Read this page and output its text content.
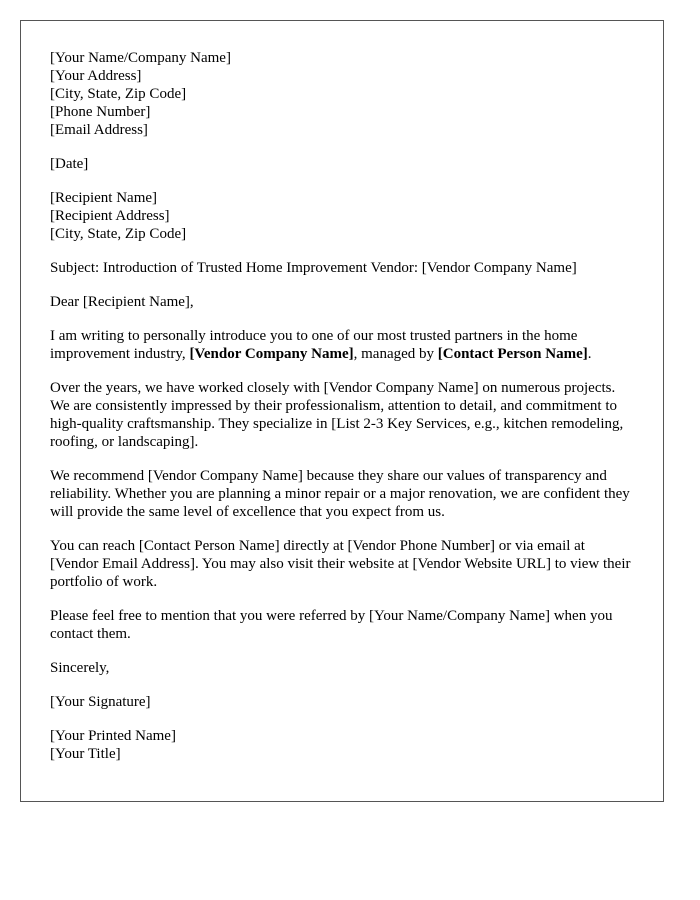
[Your Name/Company Name]
[Your Address]
[City, State, Zip Code]
[Phone Number]
[Email Address]

[Date]

[Recipient Name]
[Recipient Address]
[City, State, Zip Code]

Subject: Introduction of Trusted Home Improvement Vendor: [Vendor Company Name]

Dear [Recipient Name],

I am writing to personally introduce you to one of our most trusted partners in the home improvement industry, [Vendor Company Name], managed by [Contact Person Name].

Over the years, we have worked closely with [Vendor Company Name] on numerous projects. We are consistently impressed by their professionalism, attention to detail, and commitment to high-quality craftsmanship. They specialize in [List 2-3 Key Services, e.g., kitchen remodeling, roofing, or landscaping].

We recommend [Vendor Company Name] because they share our values of transparency and reliability. Whether you are planning a minor repair or a major renovation, we are confident they will provide the same level of excellence that you expect from us.

You can reach [Contact Person Name] directly at [Vendor Phone Number] or via email at [Vendor Email Address]. You may also visit their website at [Vendor Website URL] to view their portfolio of work.

Please feel free to mention that you were referred by [Your Name/Company Name] when you contact them.

Sincerely,

[Your Signature]

[Your Printed Name]
[Your Title]
